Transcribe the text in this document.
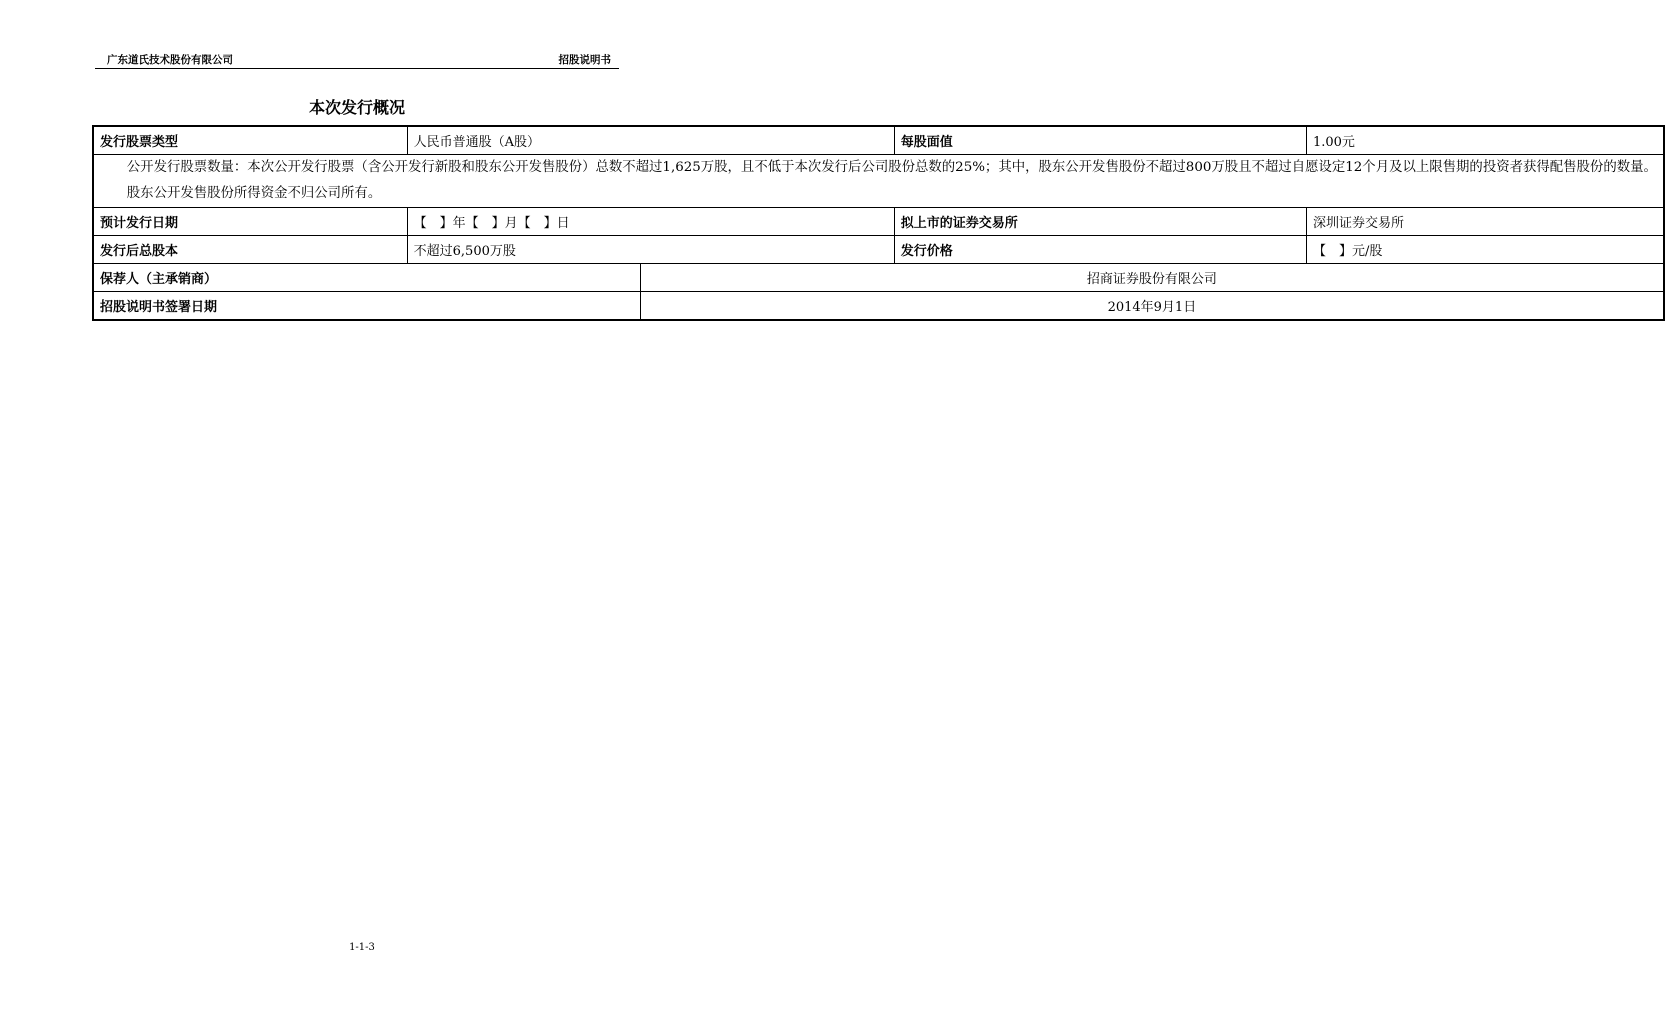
广东道氏技术股份有限公司	招股说明书
本次发行概况
发行股票类型	人民币普通股（A股）		每股面值	1.00元

公开发行股票数量：本次公开发行股票（含公开发行新股和股东公开发售股份）总数不超过1,625万股，且不低于本次发行后公司股份总数的25%；其中，股东公开发售股份不超过800万股且不超过自愿设定12个月及以上限售期的投资者获得配售股份的数量。

股东公开发售股份所得资金不归公司所有。				

预计发行日期	【　】年【　】月【　】日		拟上市的证券交易所	深圳证券交易所
发行后总股本	不超过6,500万股		发行价格	【　】元/股
保荐人（主承销商）		招商证券股份有限公司		
招股说明书签署日期		2014年9月1日		
1-1-3
